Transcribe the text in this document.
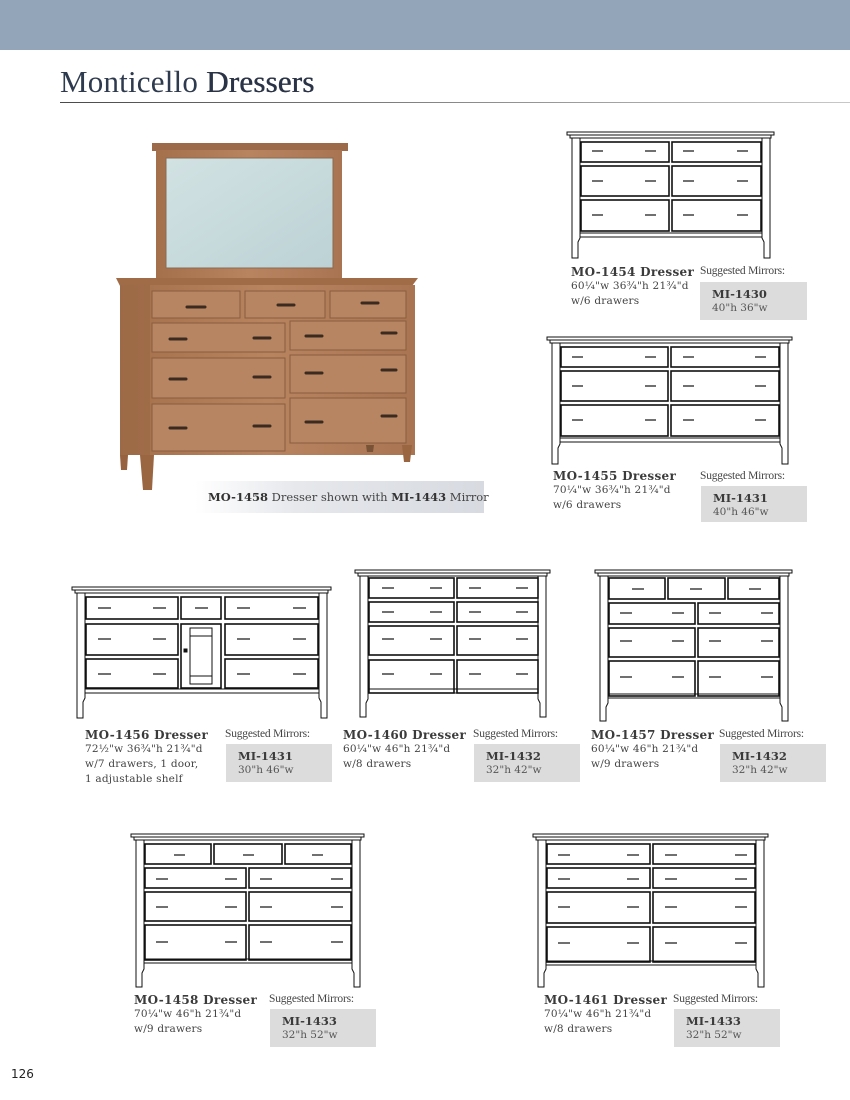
Monticello Dressers
MO-1458 Dresser shown with MI-1443 Mirror
MO-1454 Dresser
60¼"w 36¾"h 21¾"d
w/6 drawers
Suggested Mirrors:
MI-1430
40"h 36"w
MO-1455 Dresser
70¼"w 36¾"h 21¾"d
w/6 drawers
Suggested Mirrors:
MI-1431
40"h 46"w
MO-1456 Dresser
72½"w 36¾"h 21¾"d
w/7 drawers, 1 door,
1 adjustable shelf
Suggested Mirrors:
MI-1431
30"h 46"w
MO-1460 Dresser
60¼"w 46"h 21¾"d
w/8 drawers
Suggested Mirrors:
MI-1432
32"h 42"w
MO-1457 Dresser
60¼"w 46"h 21¾"d
w/9 drawers
Suggested Mirrors:
MI-1432
32"h 42"w
MO-1458 Dresser
70¼"w 46"h 21¾"d
w/9 drawers
Suggested Mirrors:
MI-1433
32"h 52"w
MO-1461 Dresser
70¼"w 46"h 21¾"d
w/8 drawers
Suggested Mirrors:
MI-1433
32"h 52"w
126
